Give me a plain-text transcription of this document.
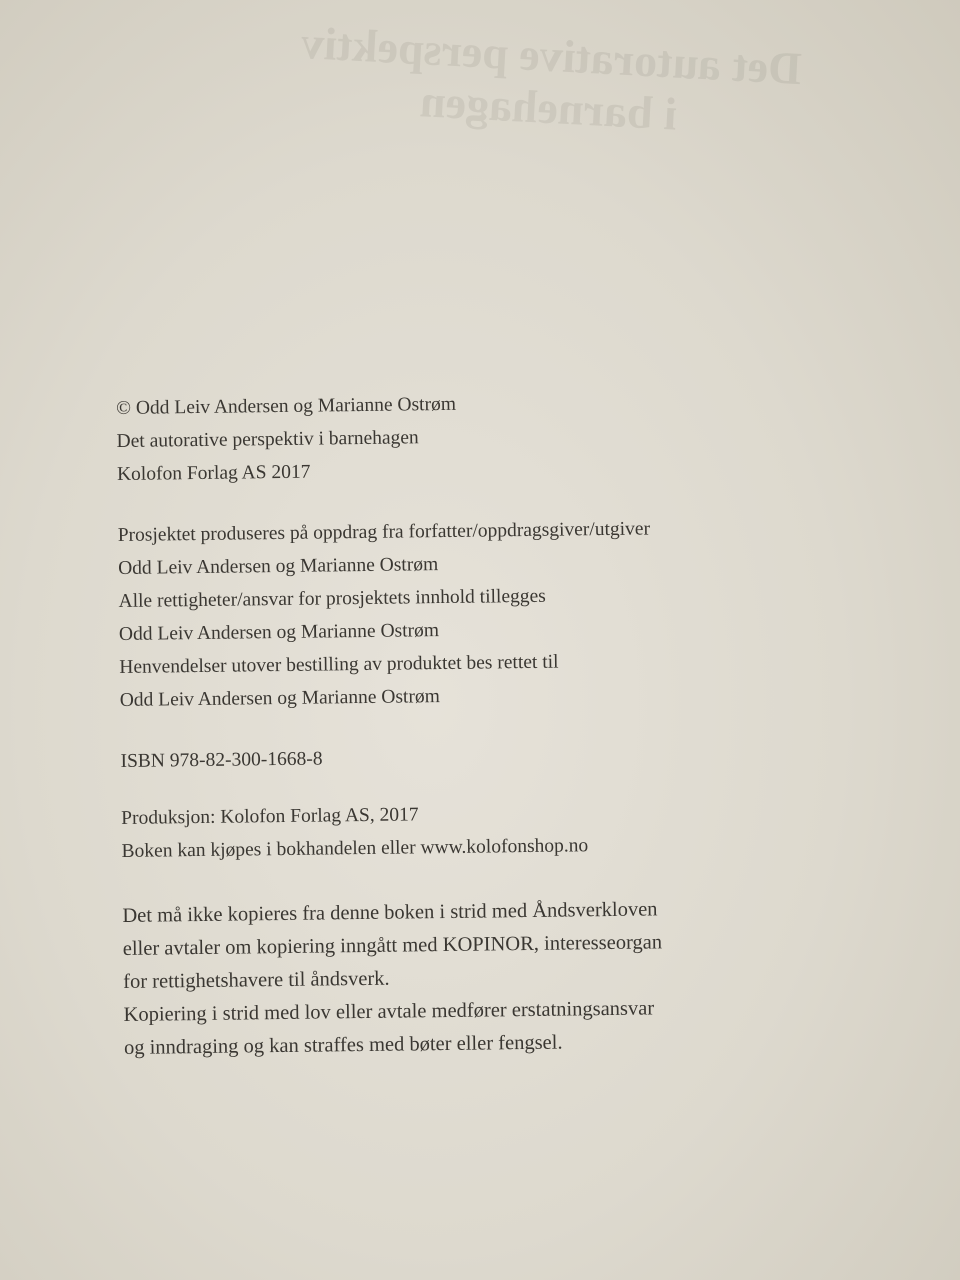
Det autorative perspektiv
i barnehagen
© Odd Leiv Andersen og Marianne Ostrøm
Det autorative perspektiv i barnehagen
Kolofon Forlag AS 2017
Prosjektet produseres på oppdrag fra forfatter/oppdragsgiver/utgiver
Odd Leiv Andersen og Marianne Ostrøm
Alle rettigheter/ansvar for prosjektets innhold tillegges
Odd Leiv Andersen og Marianne Ostrøm
Henvendelser utover bestilling av produktet bes rettet til
Odd Leiv Andersen og Marianne Ostrøm
ISBN 978-82-300-1668-8
Produksjon: Kolofon Forlag AS, 2017
Boken kan kjøpes i bokhandelen eller www.kolofonshop.no
Det må ikke kopieres fra denne boken i strid med Åndsverkloven
eller avtaler om kopiering inngått med KOPINOR, interesseorgan
for rettighetshavere til åndsverk.
Kopiering i strid med lov eller avtale medfører erstatningsansvar
og inndraging og kan straffes med bøter eller fengsel.
